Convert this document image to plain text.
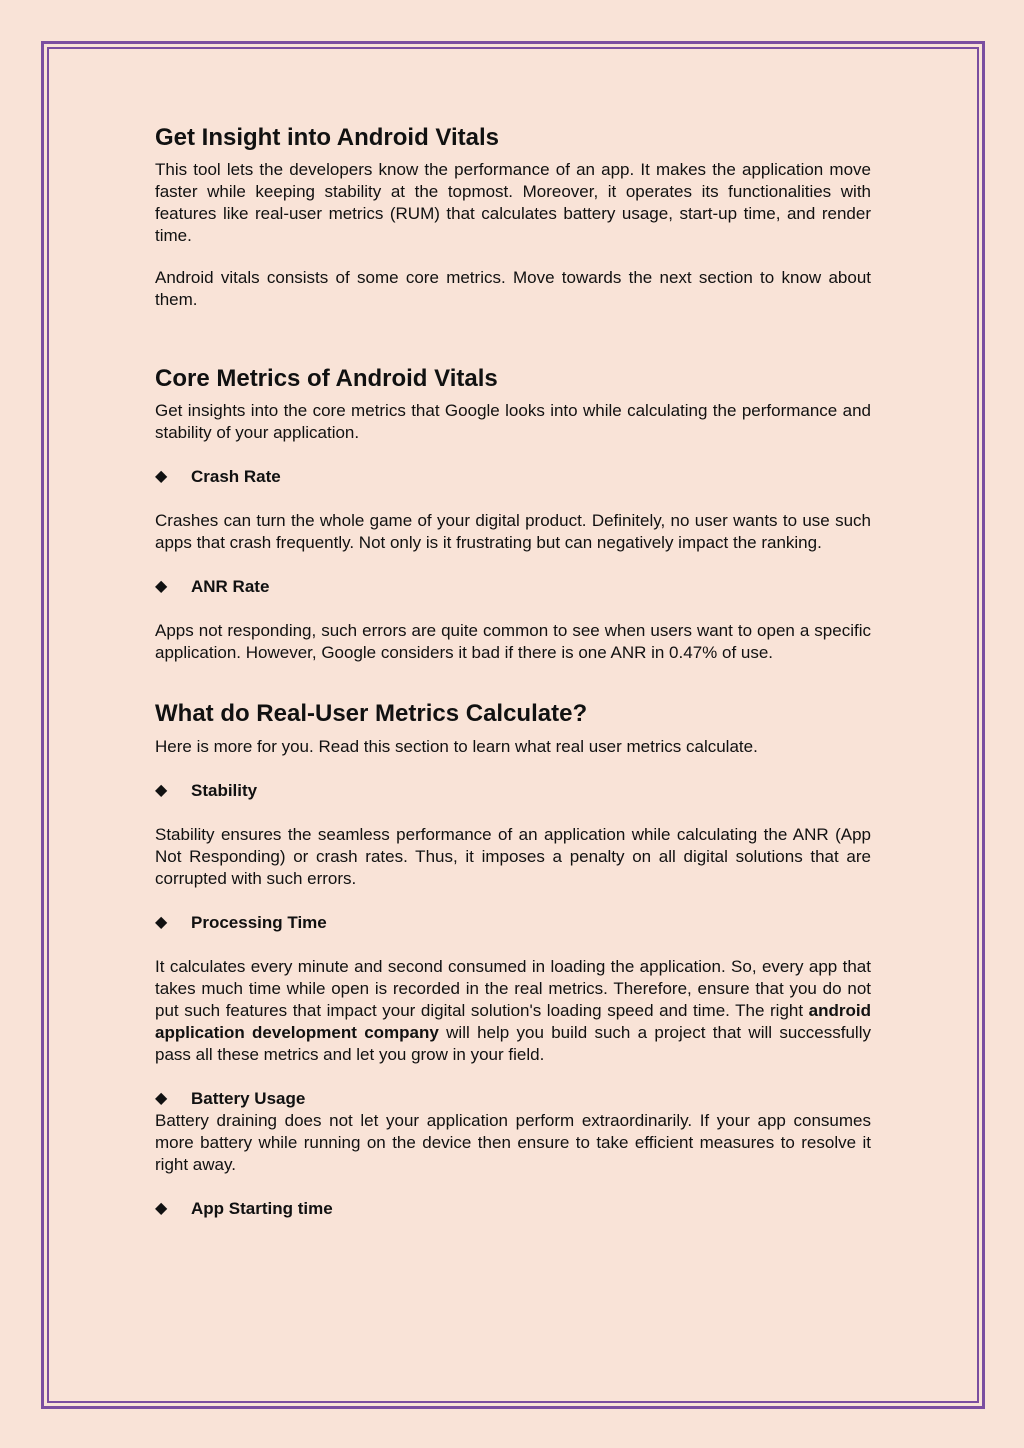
Get Insight into Android Vitals

This tool lets the developers know the performance of an app. It makes the application move faster while keeping stability at the topmost. Moreover, it operates its functionalities with features like real-user metrics (RUM) that calculates battery usage, start-up time, and render time.

Android vitals consists of some core metrics. Move towards the next section to know about them.

Core Metrics of Android Vitals

Get insights into the core metrics that Google looks into while calculating the performance and stability of your application.

◆	Crash Rate

Crashes can turn the whole game of your digital product. Definitely, no user wants to use such apps that crash frequently. Not only is it frustrating but can negatively impact the ranking.

◆	ANR Rate

Apps not responding, such errors are quite common to see when users want to open a specific application. However, Google considers it bad if there is one ANR in 0.47% of use.

What do Real-User Metrics Calculate?

Here is more for you. Read this section to learn what real user metrics calculate.

◆	Stability

Stability ensures the seamless performance of an application while calculating the ANR (App Not Responding) or crash rates. Thus, it imposes a penalty on all digital solutions that are corrupted with such errors.

◆	Processing Time

It calculates every minute and second consumed in loading the application. So, every app that takes much time while open is recorded in the real metrics. Therefore, ensure that you do not put such features that impact your digital solution's loading speed and time. The right android application development company will help you build such a project that will successfully pass all these metrics and let you grow in your field.

◆	Battery Usage

Battery draining does not let your application perform extraordinarily. If your app consumes more battery while running on the device then ensure to take efficient measures to resolve it right away.

◆	App Starting time
